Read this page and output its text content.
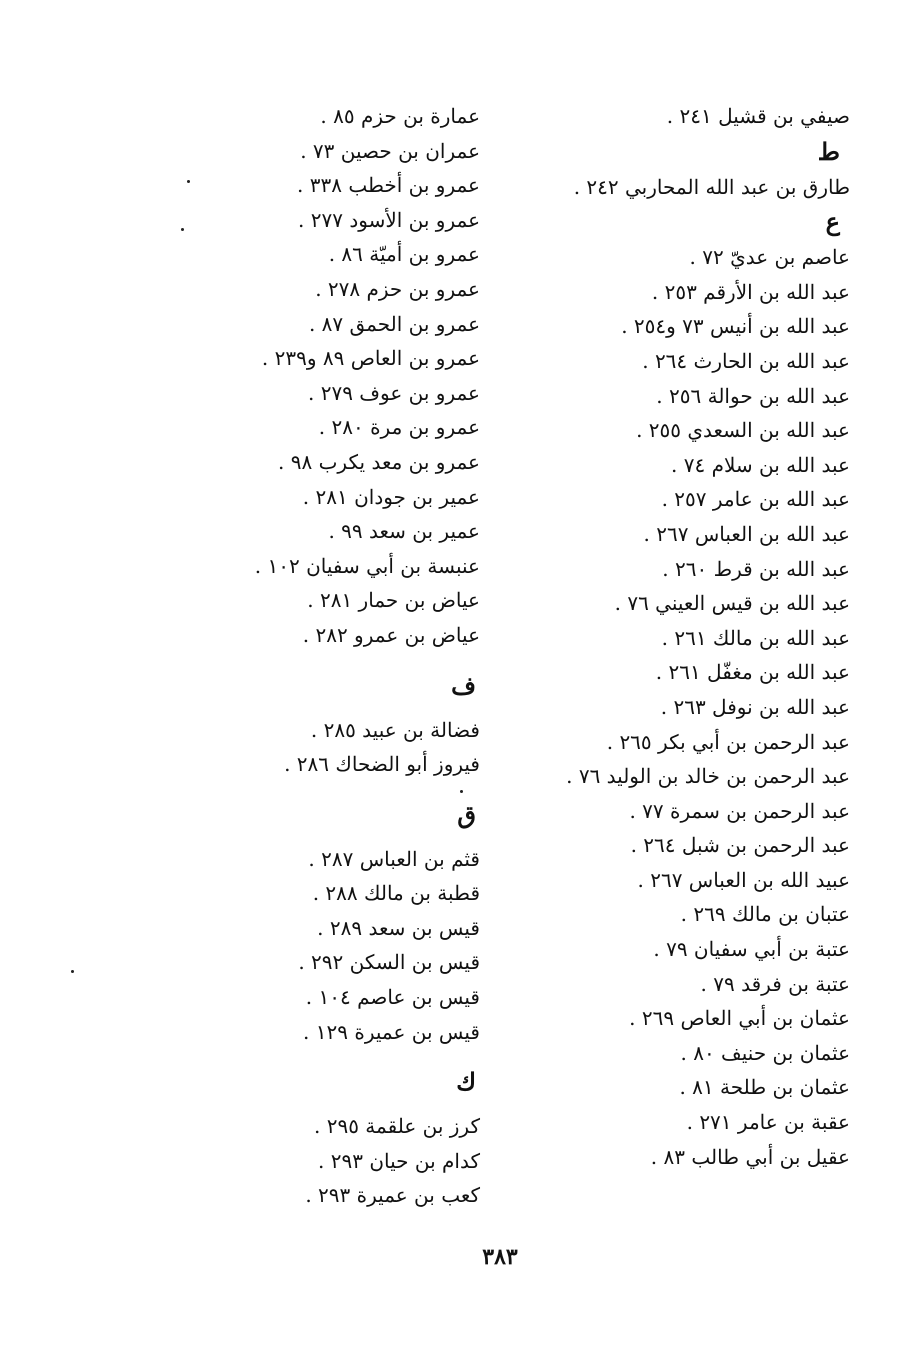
صيفي بن قشيل ٢٤١ .
ط
طارق بن عبد الله المحاربي ٢٤٢ .
ع
عاصم بن عديّ ٧٢ .
عبد الله بن الأرقم ٢٥٣ .
عبد الله بن أنيس ٧٣ و٢٥٤ .
عبد الله بن الحارث ٢٦٤ .
عبد الله بن حوالة ٢٥٦ .
عبد الله بن السعدي ٢٥٥ .
عبد الله بن سلام ٧٤ .
عبد الله بن عامر ٢٥٧ .
عبد الله بن العباس ٢٦٧ .
عبد الله بن قرط ٢٦٠ .
عبد الله بن قيس العيني ٧٦ .
عبد الله بن مالك ٢٦١ .
عبد الله بن مغفّل ٢٦١ .
عبد الله بن نوفل ٢٦٣ .
عبد الرحمن بن أبي بكر ٢٦٥ .
عبد الرحمن بن خالد بن الوليد ٧٦ .
عبد الرحمن بن سمرة ٧٧ .
عبد الرحمن بن شبل ٢٦٤ .
عبيد الله بن العباس ٢٦٧ .
عتبان بن مالك ٢٦٩ .
عتبة بن أبي سفيان ٧٩ .
عتبة بن فرقد ٧٩ .
عثمان بن أبي العاص ٢٦٩ .
عثمان بن حنيف ٨٠ .
عثمان بن طلحة ٨١ .
عقبة بن عامر ٢٧١ .
عقيل بن أبي طالب ٨٣ .
عمارة بن حزم ٨٥ .
عمران بن حصين ٧٣ .
عمرو بن أخطب ٣٣٨ .
عمرو بن الأسود ٢٧٧ .
عمرو بن أميّة ٨٦ .
عمرو بن حزم ٢٧٨ .
عمرو بن الحمق ٨٧ .
عمرو بن العاص ٨٩ و٢٣٩ .
عمرو بن عوف ٢٧٩ .
عمرو بن مرة ٢٨٠ .
عمرو بن معد يكرب ٩٨ .
عمير بن جودان ٢٨١ .
عمير بن سعد ٩٩ .
عنبسة بن أبي سفيان ١٠٢ .
عياض بن حمار ٢٨١ .
عياض بن عمرو ٢٨٢ .
ف
فضالة بن عبيد ٢٨٥ .
فيروز أبو الضحاك ٢٨٦ .
ق
قثم بن العباس ٢٨٧ .
قطبة بن مالك ٢٨٨ .
قيس بن سعد ٢٨٩ .
قيس بن السكن ٢٩٢ .
قيس بن عاصم ١٠٤ .
قيس بن عميرة ١٢٩ .
ك
كرز بن علقمة ٢٩٥ .
كدام بن حيان ٢٩٣ .
كعب بن عميرة ٢٩٣ .
٣٨٣
